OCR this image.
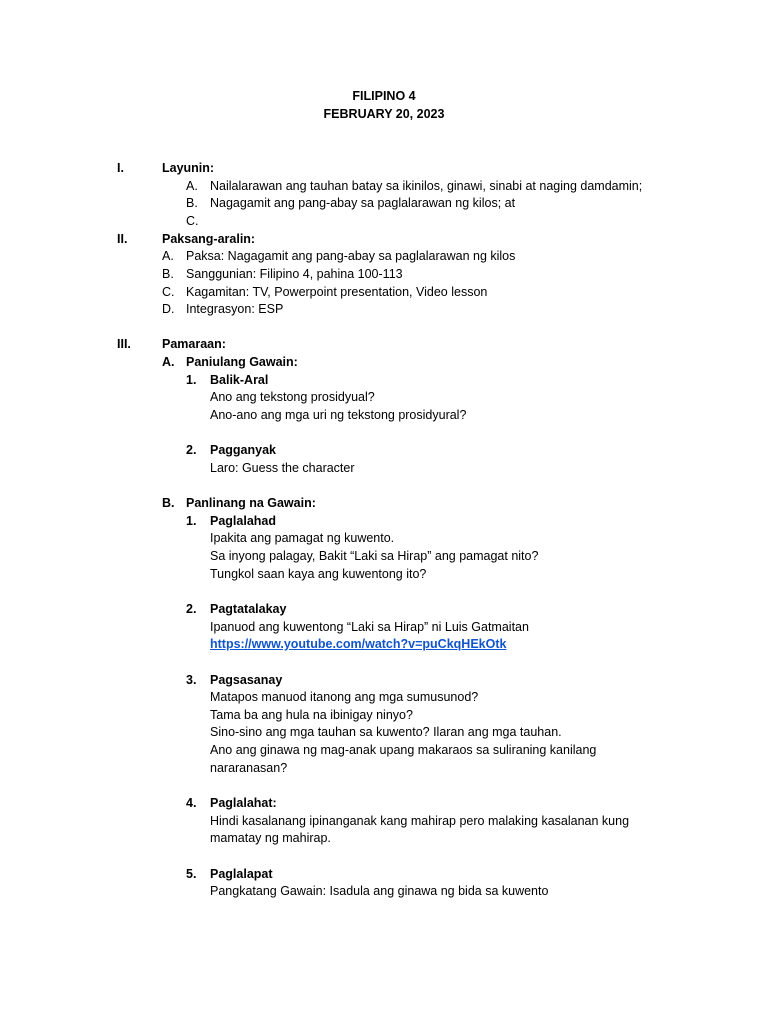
FILIPINO 4
FEBRUARY 20, 2023
I.	Layunin:
A. Nailalarawan ang tauhan batay sa ikinilos, ginawi, sinabi at naging damdamin;
B. Nagagamit ang pang-abay sa paglalarawan ng kilos; at
C.
II.	Paksang-aralin:
A. Paksa: Nagagamit ang pang-abay sa paglalarawan ng kilos
B. Sanggunian: Filipino 4, pahina 100-113
C. Kagamitan: TV, Powerpoint presentation, Video lesson
D. Integrasyon: ESP
III. Pamaraan:
A. Paniulang Gawain:
1. Balik-Aral
Ano ang tekstong prosidyual?
Ano-ano ang mga uri ng tekstong prosidyural?
2. Pagganyak
Laro: Guess the character
B. Panlinang na Gawain:
1. Paglalahad
Ipakita ang pamagat ng kuwento.
Sa inyong palagay, Bakit “Laki sa Hirap” ang pamagat nito?
Tungkol saan kaya ang kuwentong ito?
2. Pagtatalakay
Ipanuod ang kuwentong “Laki sa Hirap” ni Luis Gatmaitan
https://www.youtube.com/watch?v=puCkqHEkOtk
3. Pagsasanay
Matapos manuod itanong ang mga sumusunod?
Tama ba ang hula na ibinigay ninyo?
Sino-sino ang mga tauhan sa kuwento? Ilaran ang mga tauhan.
Ano ang ginawa ng mag-anak upang makaraos sa suliraning kanilang
nararanasan?
4. Paglalahat:
Hindi kasalanang ipinanganak kang mahirap pero malaking kasalanan kung
mamatay ng mahirap.
5. Paglalapat
Pangkatang Gawain: Isadula ang ginawa ng bida sa kuwento
